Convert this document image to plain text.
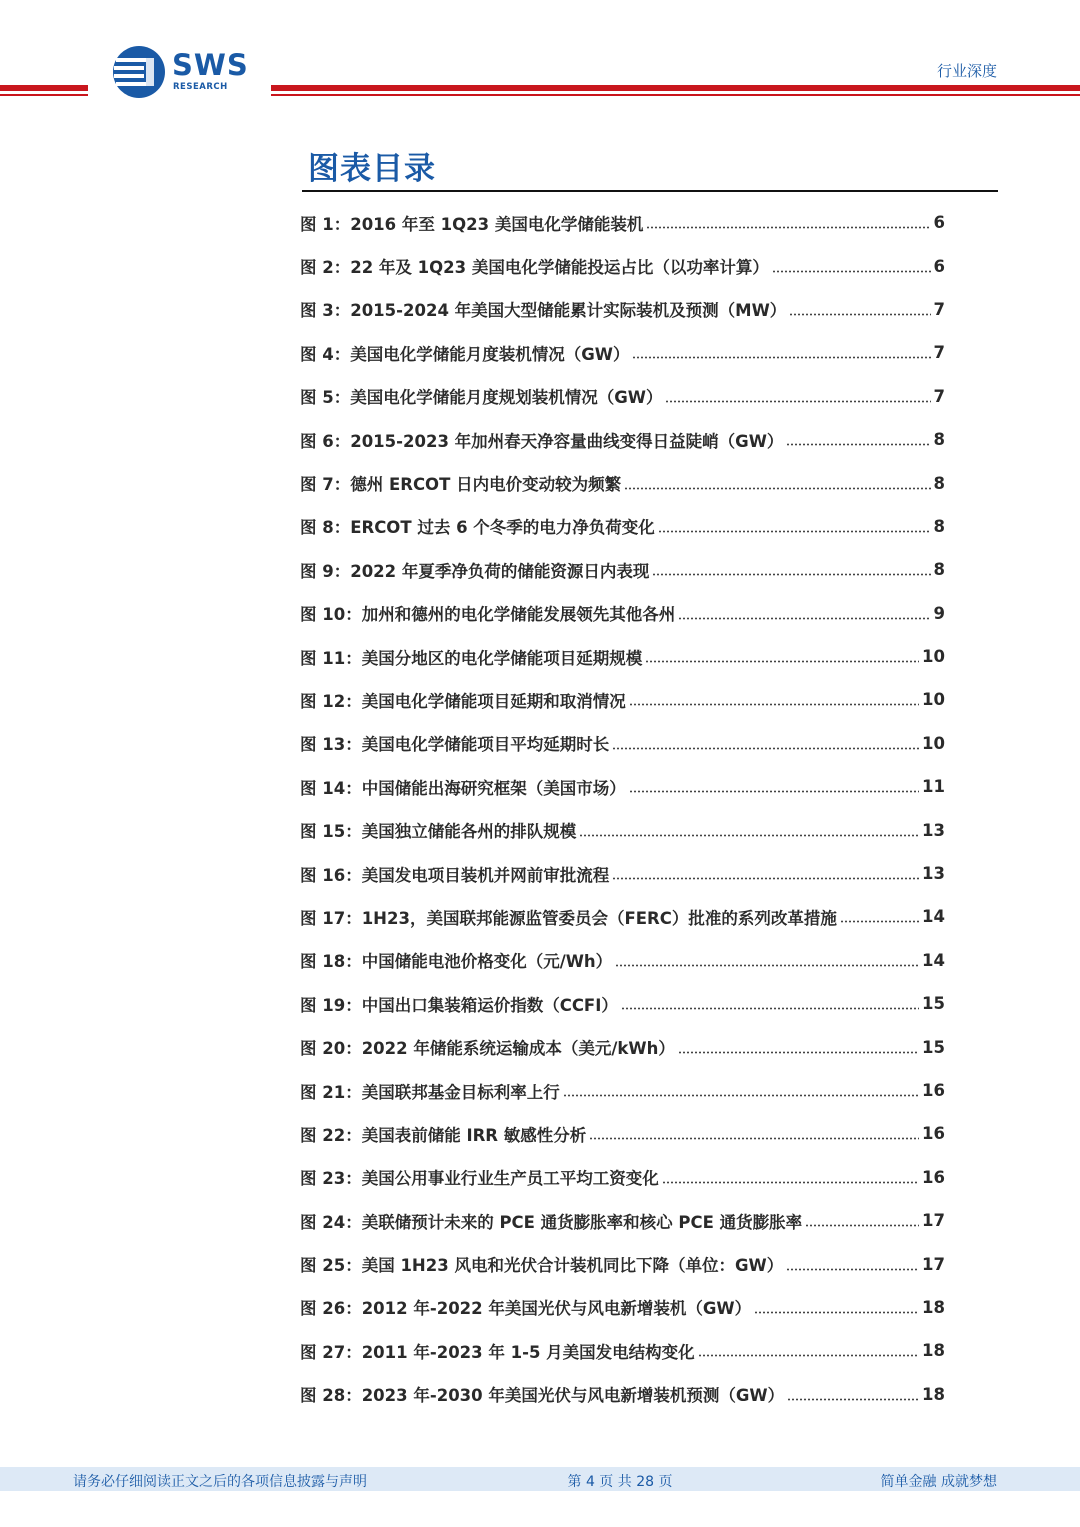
SWS
RESEARCH
行业深度
图表目录
图 1：2016 年至 1Q23 美国电化学储能装机	6
图 2：22 年及 1Q23 美国电化学储能投运占比（以功率计算）	6
图 3：2015-2024 年美国大型储能累计实际装机及预测（MW）	7
图 4：美国电化学储能月度装机情况（GW）	7
图 5：美国电化学储能月度规划装机情况（GW）	7
图 6：2015-2023 年加州春天净容量曲线变得日益陡峭（GW）	8
图 7：德州 ERCOT 日内电价变动较为频繁	8
图 8：ERCOT 过去 6 个冬季的电力净负荷变化	8
图 9：2022 年夏季净负荷的储能资源日内表现	8
图 10：加州和德州的电化学储能发展领先其他各州	9
图 11：美国分地区的电化学储能项目延期规模	10
图 12：美国电化学储能项目延期和取消情况	10
图 13：美国电化学储能项目平均延期时长	10
图 14：中国储能出海研究框架（美国市场）	11
图 15：美国独立储能各州的排队规模	13
图 16：美国发电项目装机并网前审批流程	13
图 17：1H23，美国联邦能源监管委员会（FERC）批准的系列改革措施	14
图 18：中国储能电池价格变化（元/Wh）	14
图 19：中国出口集装箱运价指数（CCFI）	15
图 20：2022 年储能系统运输成本（美元/kWh）	15
图 21：美国联邦基金目标利率上行	16
图 22：美国表前储能 IRR 敏感性分析	16
图 23：美国公用事业行业生产员工平均工资变化	16
图 24：美联储预计未来的 PCE 通货膨胀率和核心 PCE 通货膨胀率	17
图 25：美国 1H23 风电和光伏合计装机同比下降（单位：GW）	17
图 26：2012 年-2022 年美国光伏与风电新增装机（GW）	18
图 27：2011 年-2023 年 1-5 月美国发电结构变化	18
图 28：2023 年-2030 年美国光伏与风电新增装机预测（GW）	18
请务必仔细阅读正文之后的各项信息披露与声明	第 4 页 共 28 页	简单金融 成就梦想
